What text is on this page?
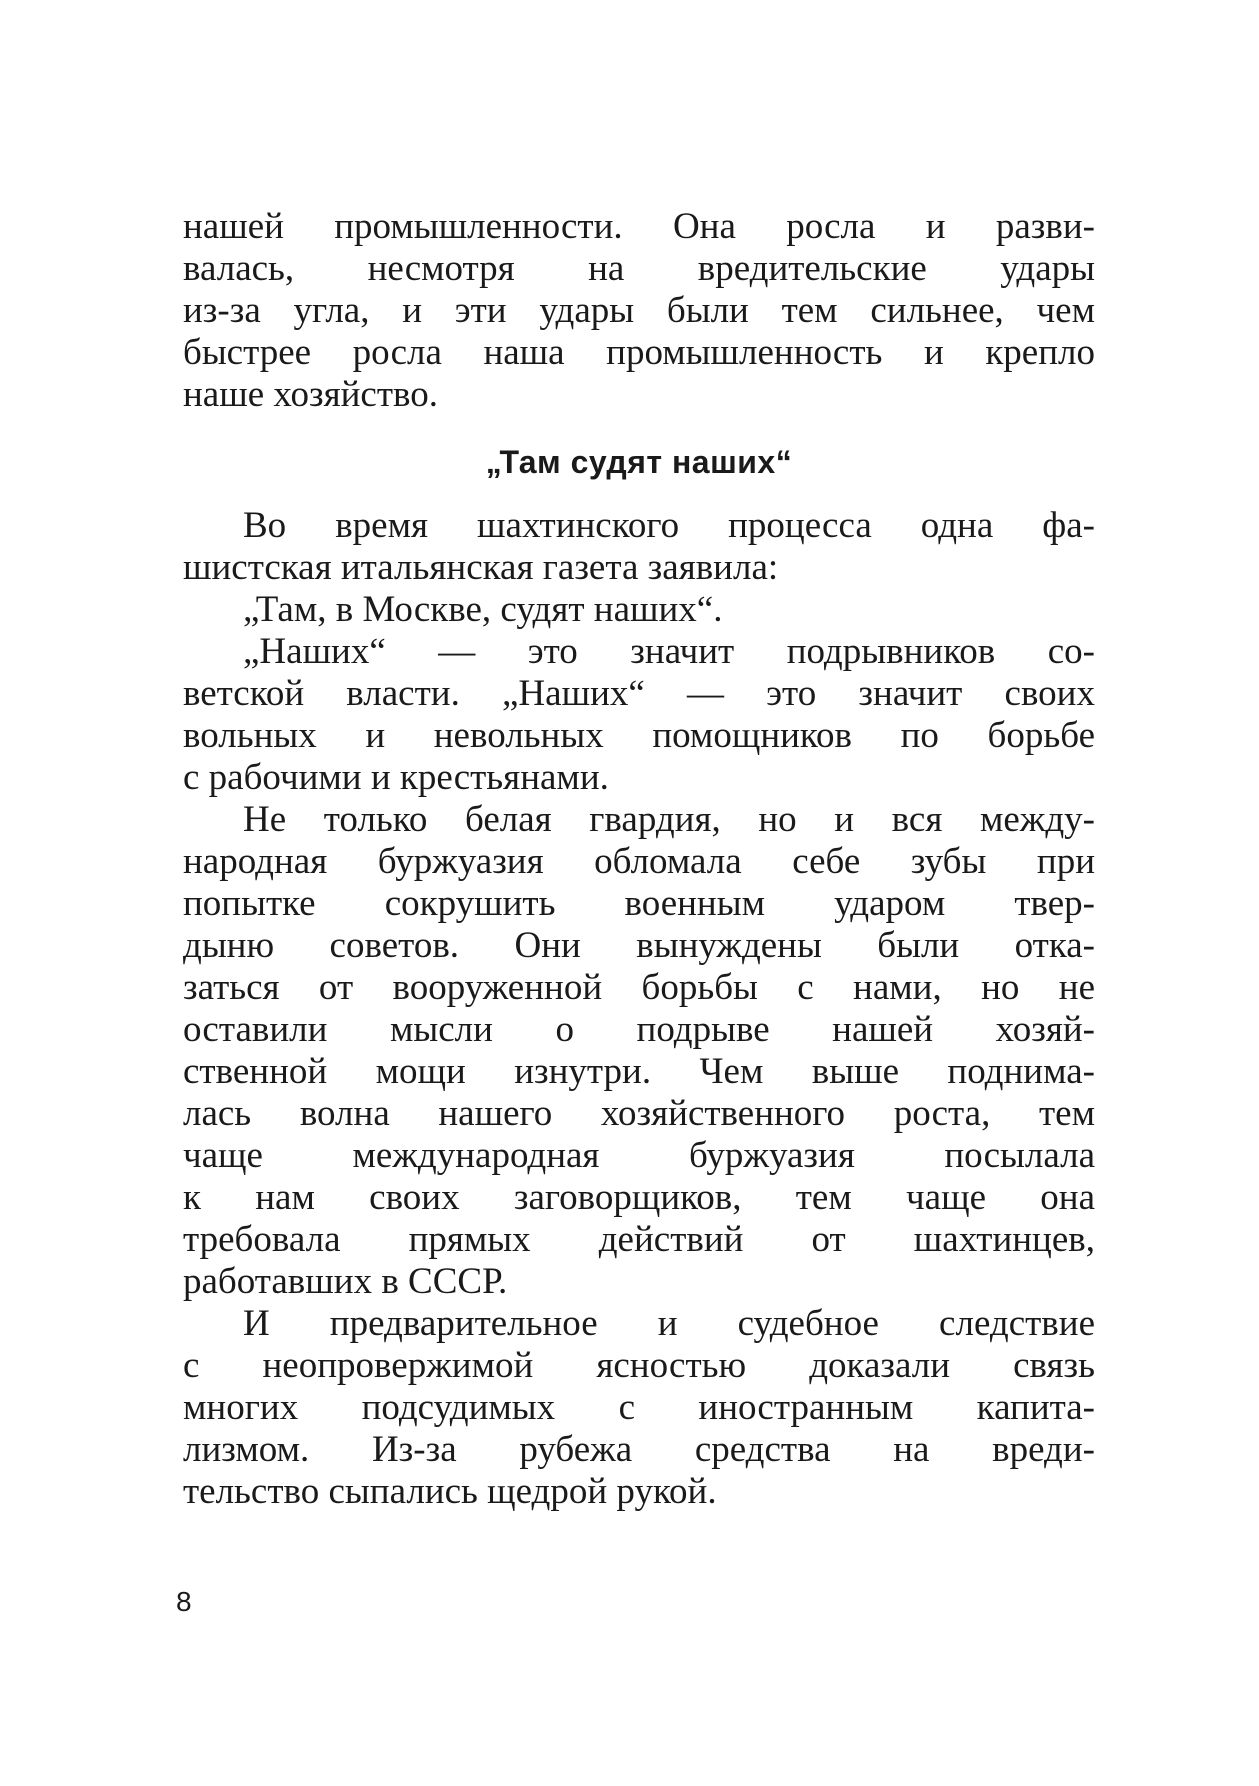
нашей промышленности. Она росла и разви-
валась, несмотря на вредительские удары
из-за угла, и эти удары были тем сильнее, чем
быстрее росла наша промышленность и крепло
наше хозяйство.
„Там судят наших“
Во время шахтинского процесса одна фа-
шистская итальянская газета заявила:
„Там, в Москве, судят наших“.
„Наших“ — это значит подрывников со-
ветской власти. „Наших“ — это значит своих
вольных и невольных помощников по борьбе
с рабочими и крестьянами.
Не только белая гвардия, но и вся между-
народная буржуазия обломала себе зубы при
попытке сокрушить военным ударом твер-
дыню советов. Они вынуждены были отка-
заться от вооруженной борьбы с нами, но не
оставили мысли о подрыве нашей хозяй-
ственной мощи изнутри. Чем выше поднима-
лась волна нашего хозяйственного роста, тем
чаще международная буржуазия посылала
к нам своих заговорщиков, тем чаще она
требовала прямых действий от шахтинцев,
работавших в СССР.
И предварительное и судебное следствие
с неопровержимой ясностью доказали связь
многих подсудимых с иностранным капита-
лизмом. Из-за рубежа средства на вреди-
тельство сыпались щедрой рукой.
8
